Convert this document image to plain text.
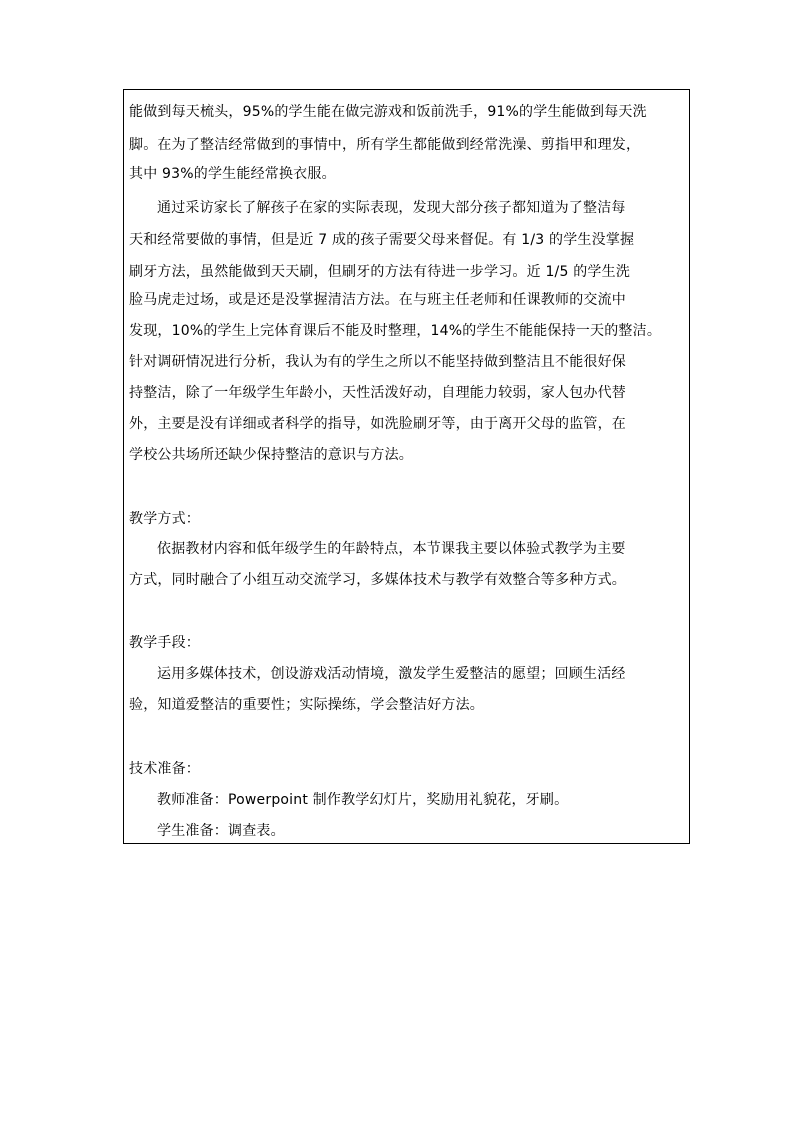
能做到每天梳头，95%的学生能在做完游戏和饭前洗手，91%的学生能做到每天洗
脚。在为了整洁经常做到的事情中，所有学生都能做到经常洗澡、剪指甲和理发，
其中 93%的学生能经常换衣服。
通过采访家长了解孩子在家的实际表现，发现大部分孩子都知道为了整洁每
天和经常要做的事情，但是近 7 成的孩子需要父母来督促。有 1/3 的学生没掌握
刷牙方法，虽然能做到天天刷，但刷牙的方法有待进一步学习。近 1/5 的学生洗
脸马虎走过场，或是还是没掌握清洁方法。在与班主任老师和任课教师的交流中
发现，10%的学生上完体育课后不能及时整理，14%的学生不能能保持一天的整洁。
针对调研情况进行分析，我认为有的学生之所以不能坚持做到整洁且不能很好保
持整洁，除了一年级学生年龄小，天性活泼好动，自理能力较弱，家人包办代替
外，主要是没有详细或者科学的指导，如洗脸刷牙等，由于离开父母的监管，在
学校公共场所还缺少保持整洁的意识与方法。
教学方式：
依据教材内容和低年级学生的年龄特点，本节课我主要以体验式教学为主要
方式，同时融合了小组互动交流学习，多媒体技术与教学有效整合等多种方式。
教学手段：
运用多媒体技术，创设游戏活动情境，激发学生爱整洁的愿望；回顾生活经
验，知道爱整洁的重要性；实际操练，学会整洁好方法。
技术准备：
教师准备：Powerpoint 制作教学幻灯片，奖励用礼貌花，牙刷。
学生准备：调查表。
